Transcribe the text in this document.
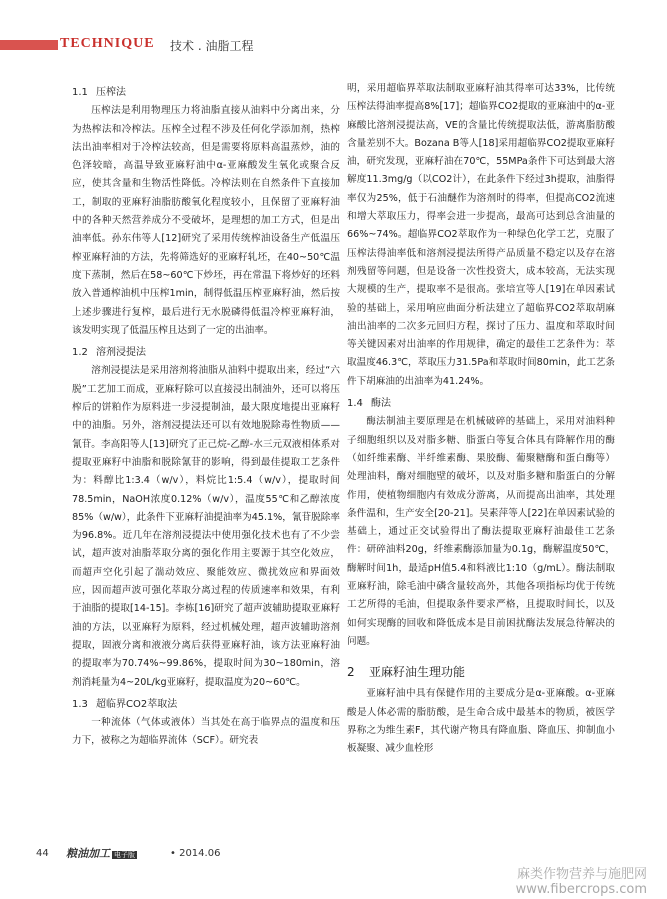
TECHNIQUE 技术 . 油脂工程
1.1 压榨法

压榨法是利用物理压力将油脂直接从油料中分离出来，分为热榨法和冷榨法。压榨全过程不涉及任何化学添加剂，热榨法出油率相对于冷榨法较高，但是需要将原料高温蒸炒，油的色泽较暗，高温导致亚麻籽油中α-亚麻酸发生氧化或聚合反应，使其含量和生物活性降低。冷榨法则在自然条件下直接加工，制取的亚麻籽油脂肪酸氧化程度较小，且保留了亚麻籽油中的各种天然营养成分不受破坏，是理想的加工方式，但是出油率低。孙东伟等人[12]研究了采用传统榨油设备生产低温压榨亚麻籽油的方法，先将筛选好的亚麻籽轧坯，在40~50℃温度下蒸制，然后在58~60℃下炒坯，再在常温下将炒好的坯料放入普通榨油机中压榨1min，制得低温压榨亚麻籽油，然后按上述步骤进行复榨，最后进行无水脱磷得低温冷榨亚麻籽油，该发明实现了低温压榨且达到了一定的出油率。

1.2 溶剂浸提法

溶剂浸提法是采用溶剂将油脂从油料中提取出来，经过“六脱”工艺加工而成，亚麻籽除可以直接浸出制油外，还可以将压榨后的饼粕作为原料进一步浸提制油，最大限度地提出亚麻籽中的油脂。另外，溶剂浸提法还可以有效地脱除毒性物质——氰苷。李高阳等人[13]研究了正己烷-乙醇-水三元双液相体系对提取亚麻籽中油脂和脱除氰苷的影响，得到最佳提取工艺条件为：料醇比1:3.4（w/v），料烷比1:5.4（w/v），提取时间78.5min，NaOH浓度0.12%（w/v），温度55℃和乙醇浓度85%（w/w），此条件下亚麻籽油提油率为45.1%，氰苷脱除率为96.8%。近几年在溶剂浸提法中使用强化技术也有了不少尝试，超声波对油脂萃取分离的强化作用主要源于其空化效应，而超声空化引起了湍动效应、聚能效应、微扰效应和界面效应，因而超声波可强化萃取分离过程的传质速率和效果，有利于油脂的提取[14-15]。李栋[16]研究了超声波辅助提取亚麻籽油的方法，以亚麻籽为原料，经过机械处理，超声波辅助溶剂提取，固液分离和液液分离后获得亚麻籽油，该方法亚麻籽油的提取率为70.74%~99.86%，提取时间为30~180min，溶剂消耗量为4~20L/kg亚麻籽，提取温度为20~60℃。

1.3 超临界CO2萃取法

一种流体（气体或液体）当其处在高于临界点的温度和压力下，被称之为超临界流体（SCF）。研究表

明，采用超临界萃取法制取亚麻籽油其得率可达33%，比传统压榨法得油率提高8%[17]；超临界CO2提取的亚麻油中的α-亚麻酸比溶剂浸提法高，VE的含量比传统提取法低，游离脂肪酸含量差别不大。Bozana B等人[18]采用超临界CO2提取亚麻籽油，研究发现，亚麻籽油在70℃，55MPa条件下可达到最大溶解度11.3mg/g（以CO2计），在此条件下经过3h提取，油脂得率仅为25%，低于石油醚作为溶剂时的得率，但提高CO2流速和增大萃取压力，得率会进一步提高，最高可达到总含油量的66%~74%。超临界CO2萃取作为一种绿色化学工艺，克服了压榨法得油率低和溶剂浸提法所得产品质量不稳定以及存在溶剂残留等问题，但是设备一次性投资大，成本较高，无法实现大规模的生产，提取率不是很高。张培宣等人[19]在单因素试验的基础上，采用响应曲面分析法建立了超临界CO2萃取胡麻油出油率的二次多元回归方程，探讨了压力、温度和萃取时间等关键因素对出油率的作用规律，确定的最佳工艺条件为：萃取温度46.3℃，萃取压力31.5Pa和萃取时间80min，此工艺条件下胡麻油的出油率为41.24%。

1.4 酶法

酶法制油主要原理是在机械破碎的基础上，采用对油料种子细胞组织以及对脂多糖、脂蛋白等复合体具有降解作用的酶（如纤维素酶、半纤维素酶、果胶酶、葡聚糖酶和蛋白酶等）处理油料，酶对细胞壁的破坏，以及对脂多糖和脂蛋白的分解作用，使植物细胞内有效成分游离，从而提高出油率，其处理条件温和，生产安全[20-21]。吴素萍等人[22]在单因素试验的基础上，通过正交试验得出了酶法提取亚麻籽油最佳工艺条件：研碎油料20g，纤维素酶添加量为0.1g，酶解温度50℃，酶解时间1h，最适pH值5.4和料液比1:10（g/mL）。酶法制取亚麻籽油，除毛油中磷含量较高外，其他各项指标均优于传统工艺所得的毛油，但提取条件要求严格，且提取时间长，以及如何实现酶的回收和降低成本是目前困扰酶法发展急待解决的问题。

2 亚麻籽油生理功能

亚麻籽油中具有保健作用的主要成分是α-亚麻酸。α-亚麻酸是人体必需的脂肪酸，是生命合成中最基本的物质，被医学界称之为维生素F，其代谢产物具有降血脂、降血压、抑制血小板凝聚、减少血栓形

44 粮油加工 电子版	• 2014.06
麻类作物营养与施肥网
www.fibercrops.com
